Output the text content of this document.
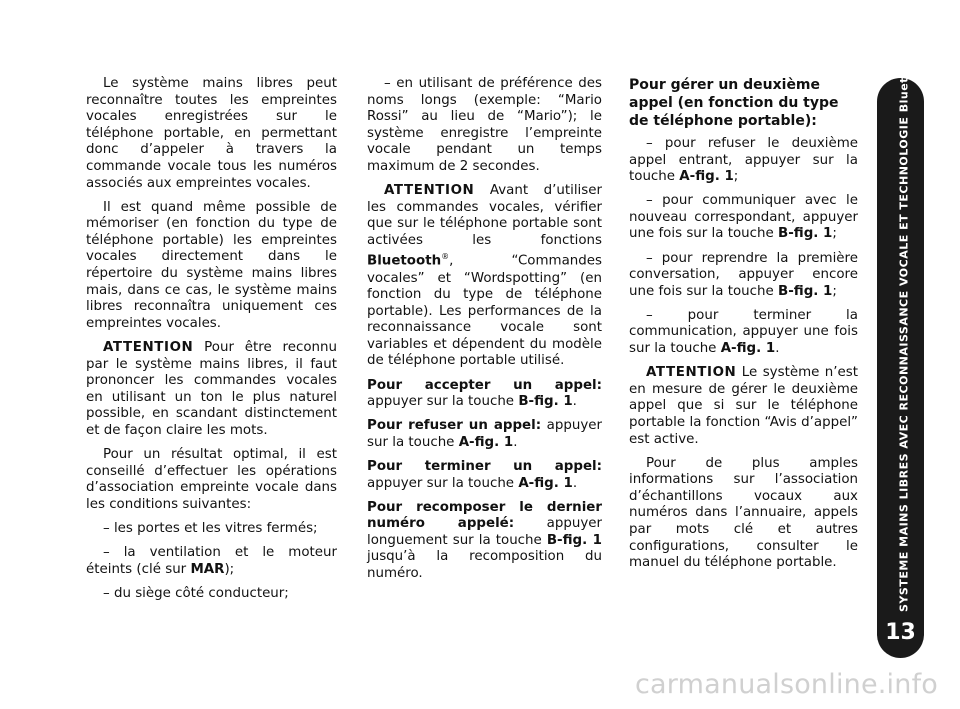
Le système mains libres peut reconnaître toutes les empreintes vocales enregistrées sur le téléphone portable, en permettant donc d’appeler à travers la commande vocale tous les numéros associés aux empreintes vocales.

Il est quand même possible de mémoriser (en fonction du type de téléphone portable) les empreintes vocales directement dans le répertoire du système mains libres mais, dans ce cas, le système mains libres reconnaîtra uniquement ces empreintes vocales.

ATTENTION Pour être reconnu par le système mains libres, il faut prononcer les commandes vocales en utilisant un ton le plus naturel possible, en scandant distinctement et de façon claire les mots.

Pour un résultat optimal, il est conseillé d’effectuer les opérations d’association empreinte vocale dans les conditions suivantes:

– les portes et les vitres fermés;

– la ventilation et le moteur éteints (clé sur MAR);

– du siège côté conducteur;

– en utilisant de préférence des noms longs (exemple: “Mario Rossi” au lieu de “Mario”); le système enregistre l’empreinte vocale pendant un temps maximum de 2 secondes.

ATTENTION Avant d’utiliser les commandes vocales, vérifier que sur le téléphone portable sont activées les fonctions Bluetooth®, “Commandes vocales” et “Wordspotting” (en fonction du type de téléphone portable). Les performances de la reconnaissance vocale sont variables et dépendent du modèle de téléphone portable utilisé.

Pour accepter un appel: appuyer sur la touche B-fig. 1.

Pour refuser un appel: appuyer sur la touche A-fig. 1.

Pour terminer un appel: appuyer sur la touche A-fig. 1.

Pour recomposer le dernier numéro appelé: appuyer longuement sur la touche B-fig. 1 jusqu’à la recomposition du numéro.

Pour gérer un deuxième appel (en fonction du type de téléphone portable):

– pour refuser le deuxième appel entrant, appuyer sur la touche A-fig. 1;

– pour communiquer avec le nouveau correspondant, appuyer une fois sur la touche B-fig. 1;

– pour reprendre la première conversation, appuyer encore une fois sur la touche B-fig. 1;

– pour terminer la communication, appuyer une fois sur la touche A-fig. 1.

ATTENTION Le système n’est en mesure de gérer le deuxième appel que si sur le téléphone portable la fonction “Avis d’appel” est active.

Pour de plus amples informations sur l’association d’échantillons vocaux aux numéros dans l’annuaire, appels par mots clé et autres configurations, consulter le manuel du téléphone portable.	SYSTEME MAINS LIBRES AVEC RECONNAISSANCE VOCALE ET TECHNOLOGIE Bluetooth®
13
carmanualsonline.info
